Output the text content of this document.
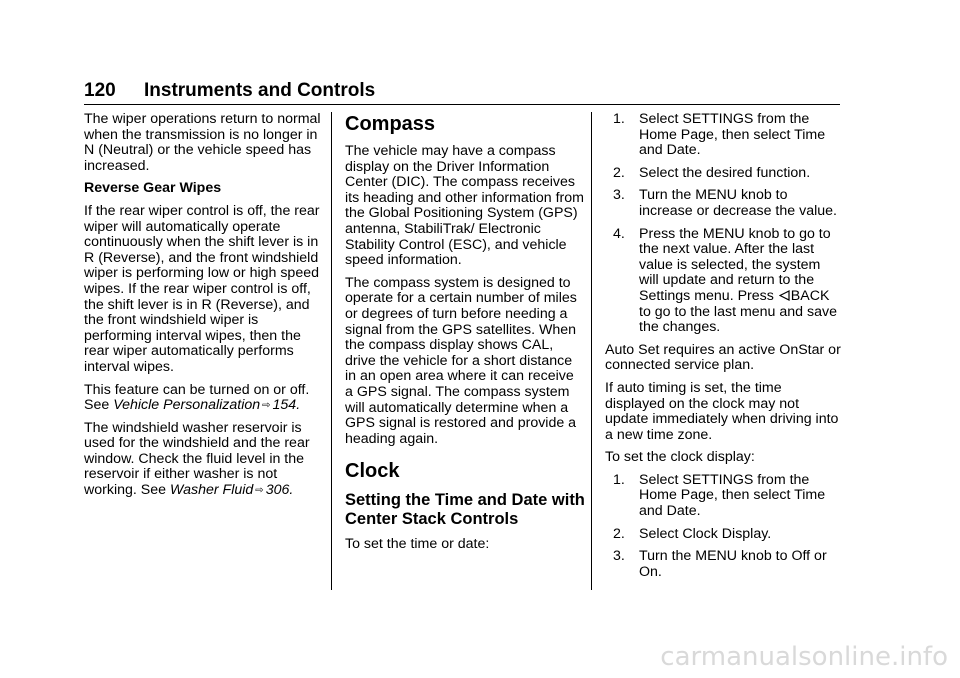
120 Instruments and Controls

The wiper operations return to normal when the transmission is no longer in N (Neutral) or the vehicle speed has increased.

Reverse Gear Wipes

If the rear wiper control is off, the rear wiper will automatically operate continuously when the shift lever is in R (Reverse), and the front windshield wiper is performing low or high speed wipes. If the rear wiper control is off, the shift lever is in R (Reverse), and the front windshield wiper is performing interval wipes, then the rear wiper automatically performs interval wipes.

This feature can be turned on or off. See Vehicle Personalization ⇨ 154.

The windshield washer reservoir is used for the windshield and the rear window. Check the fluid level in the reservoir if either washer is not working. See Washer Fluid ⇨ 306.

Compass

The vehicle may have a compass display on the Driver Information Center (DIC). The compass receives its heading and other information from the Global Positioning System (GPS) antenna, StabiliTrak/ Electronic Stability Control (ESC), and vehicle speed information.

The compass system is designed to operate for a certain number of miles or degrees of turn before needing a signal from the GPS satellites. When the compass display shows CAL, drive the vehicle for a short distance in an open area where it can receive a GPS signal. The compass system will automatically determine when a GPS signal is restored and provide a heading again.

Clock
Setting the Time and Date with Center Stack Controls

To set the time or date:

1. Select SETTINGS from the Home Page, then select Time and Date.
2. Select the desired function.
3. Turn the MENU knob to increase or decrease the value.
4. Press the MENU knob to go to the next value. After the last value is selected, the system will update and return to the Settings menu. Press BACK to go to the last menu and save the changes.

Auto Set requires an active OnStar or connected service plan.

If auto timing is set, the time displayed on the clock may not update immediately when driving into a new time zone.

To set the clock display:

1. Select SETTINGS from the Home Page, then select Time and Date.
2. Select Clock Display.
3. Turn the MENU knob to Off or On.
carmanualsonline.info
